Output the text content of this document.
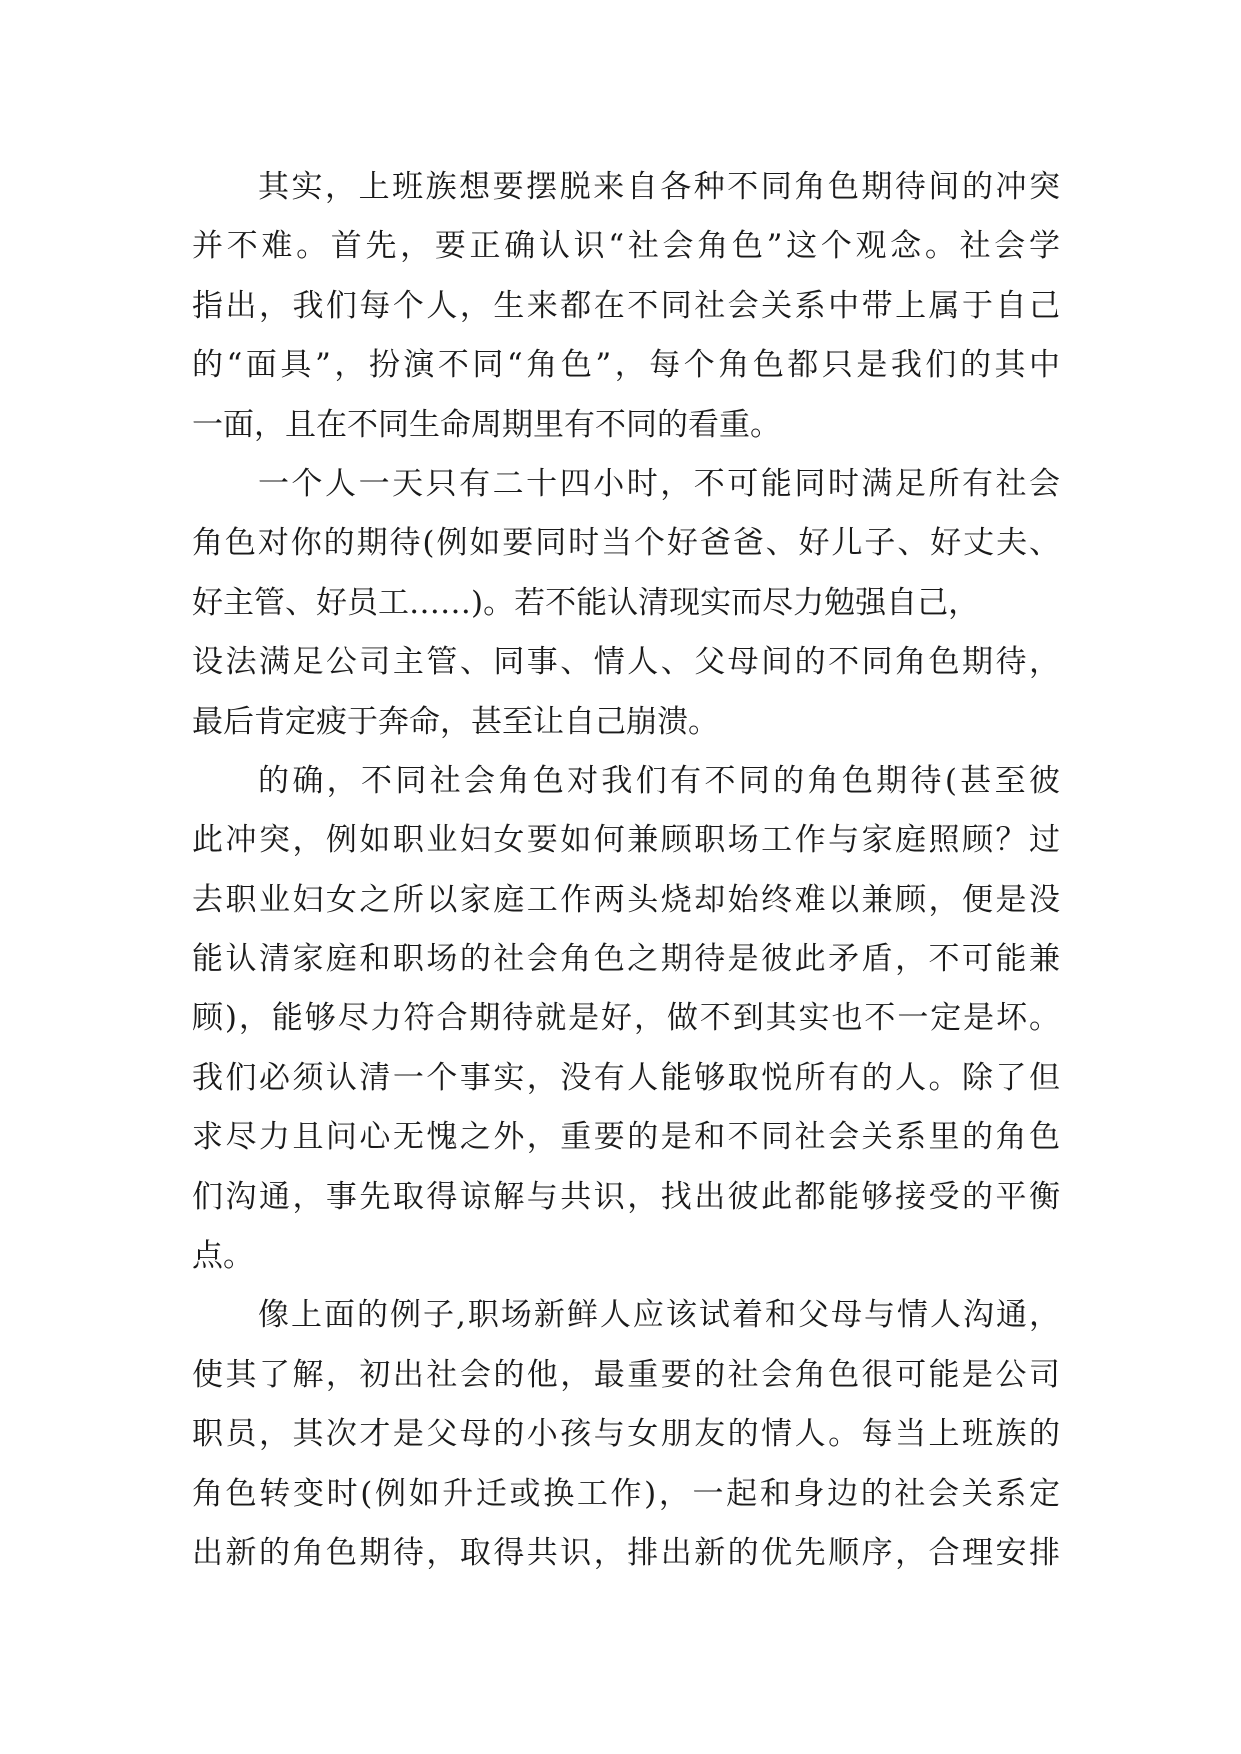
其实，上班族想要摆脱来自各种不同角色期待间的冲突
并不难。首先，要正确认识“社会角色”这个观念。社会学
指出，我们每个人，生来都在不同社会关系中带上属于自己
的“面具”，扮演不同“角色”，每个角色都只是我们的其中
一面，且在不同生命周期里有不同的看重。
一个人一天只有二十四小时，不可能同时满足所有社会
角色对你的期待(例如要同时当个好爸爸、好儿子、好丈夫、
好主管、好员工……)。若不能认清现实而尽力勉强自己，
设法满足公司主管、同事、情人、父母间的不同角色期待，
最后肯定疲于奔命，甚至让自己崩溃。
的确，不同社会角色对我们有不同的角色期待(甚至彼
此冲突，例如职业妇女要如何兼顾职场工作与家庭照顾？过
去职业妇女之所以家庭工作两头烧却始终难以兼顾，便是没
能认清家庭和职场的社会角色之期待是彼此矛盾，不可能兼
顾)，能够尽力符合期待就是好，做不到其实也不一定是坏。
我们必须认清一个事实，没有人能够取悦所有的人。除了但
求尽力且问心无愧之外，重要的是和不同社会关系里的角色
们沟通，事先取得谅解与共识，找出彼此都能够接受的平衡
点。
像上面的例子,职场新鲜人应该试着和父母与情人沟通，
使其了解，初出社会的他，最重要的社会角色很可能是公司
职员，其次才是父母的小孩与女朋友的情人。每当上班族的
角色转变时(例如升迁或换工作)，一起和身边的社会关系定
出新的角色期待，取得共识，排出新的优先顺序，合理安排
